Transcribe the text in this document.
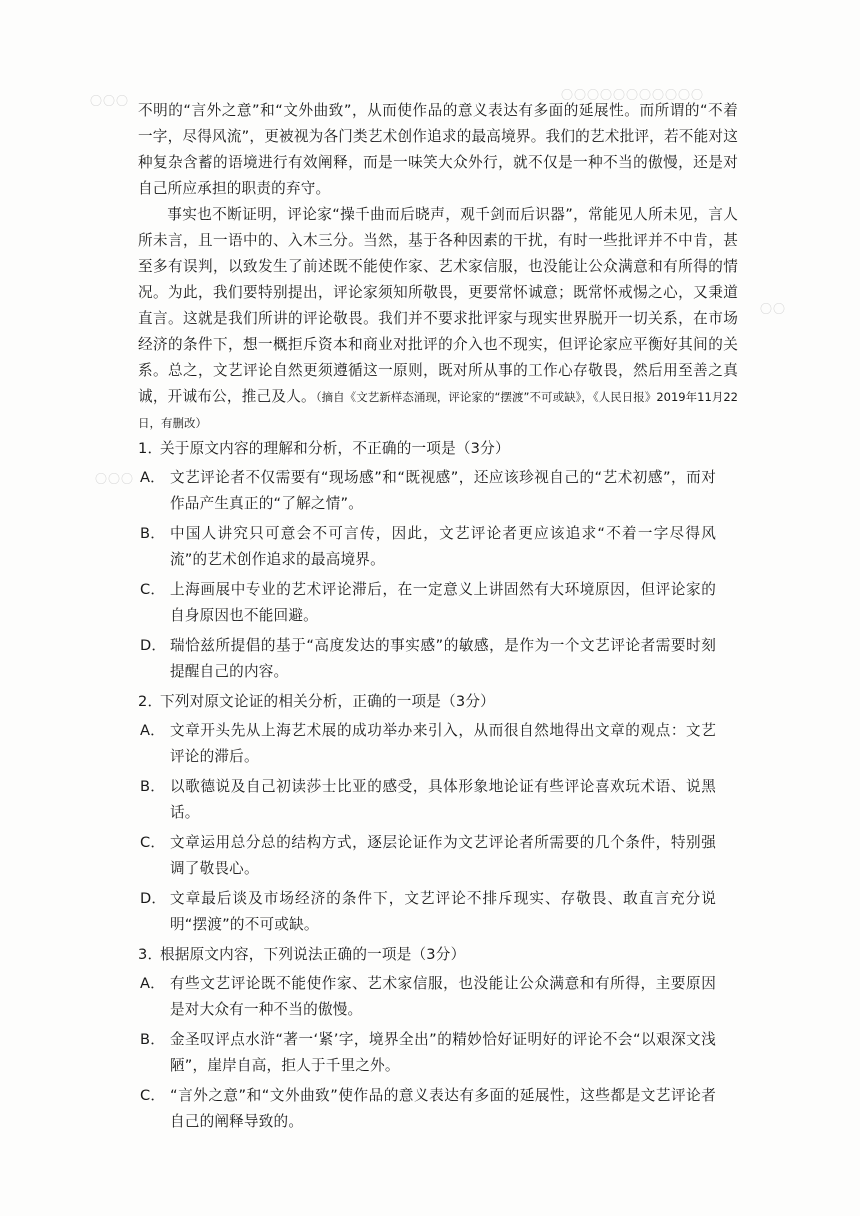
〇〇〇〇〇〇〇〇〇〇〇
〇〇〇
〇〇〇
〇〇

不明的“言外之意”和“文外曲致”，从而使作品的意义表达有多面的延展性。而所谓的“不着一字，尽得风流”，更被视为各门类艺术创作追求的最高境界。我们的艺术批评，若不能对这种复杂含蓄的语境进行有效阐释，而是一味笑大众外行，就不仅是一种不当的傲慢，还是对自己所应承担的职责的弃守。

事实也不断证明，评论家“操千曲而后晓声，观千剑而后识器”，常能见人所未见，言人所未言，且一语中的、入木三分。当然，基于各种因素的干扰，有时一些批评并不中肯，甚至多有误判，以致发生了前述既不能使作家、艺术家信服，也没能让公众满意和有所得的情况。为此，我们要特别提出，评论家须知所敬畏，更要常怀诚意；既常怀戒惕之心，又秉道直言。这就是我们所讲的评论敬畏。我们并不要求批评家与现实世界脱开一切关系，在市场经济的条件下，想一概拒斥资本和商业对批评的介入也不现实，但评论家应平衡好其间的关系。总之，文艺评论自然更须遵循这一原则，既对所从事的工作心存敬畏，然后用至善之真诚，开诚布公，推己及人。（摘自《文艺新样态涌现，评论家的“摆渡”不可或缺》，《人民日报》2019年11月22日，有删改）

1．关于原文内容的理解和分析，不正确的一项是（3分）

A． 文艺评论者不仅需要有“现场感”和“既视感”，还应该珍视自己的“艺术初感”，而对作品产生真正的“了解之情”。
B． 中国人讲究只可意会不可言传，因此，文艺评论者更应该追求“不着一字尽得风流”的艺术创作追求的最高境界。
C． 上海画展中专业的艺术评论滞后，在一定意义上讲固然有大环境原因，但评论家的自身原因也不能回避。
D． 瑞恰兹所提倡的基于“高度发达的事实感”的敏感，是作为一个文艺评论者需要时刻提醒自己的内容。

2．下列对原文论证的相关分析，正确的一项是（3分）

A． 文章开头先从上海艺术展的成功举办来引入，从而很自然地得出文章的观点：文艺评论的滞后。
B． 以歌德说及自己初读莎士比亚的感受，具体形象地论证有些评论喜欢玩术语、说黑话。
C． 文章运用总分总的结构方式，逐层论证作为文艺评论者所需要的几个条件，特别强调了敬畏心。
D． 文章最后谈及市场经济的条件下，文艺评论不排斥现实、存敬畏、敢直言充分说明“摆渡”的不可或缺。

3．根据原文内容，下列说法正确的一项是（3分）

A． 有些文艺评论既不能使作家、艺术家信服，也没能让公众满意和有所得，主要原因是对大众有一种不当的傲慢。
B． 金圣叹评点水浒“著一‘紧’字，境界全出”的精妙恰好证明好的评论不会“以艰深文浅陋”，崖岸自高，拒人于千里之外。
C． “言外之意”和“文外曲致”使作品的意义表达有多面的延展性，这些都是文艺评论者自己的阐释导致的。
